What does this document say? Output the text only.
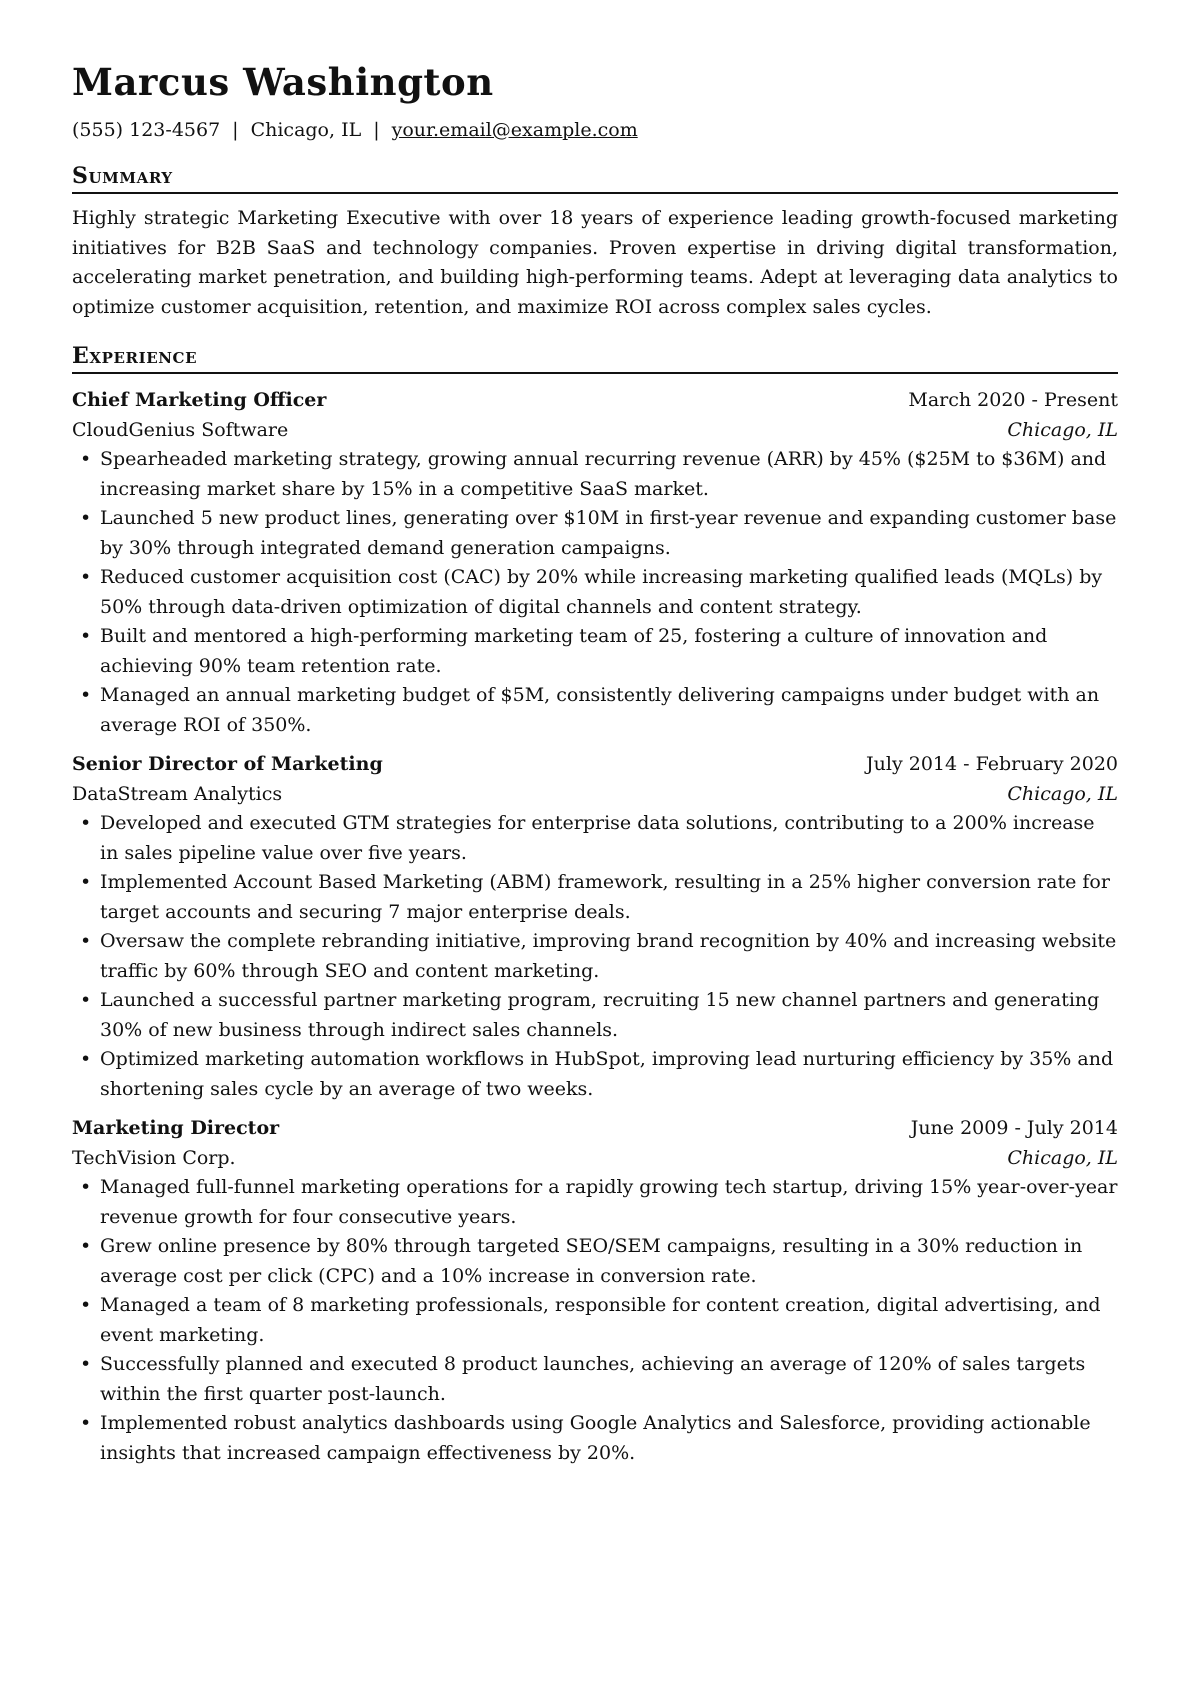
Marcus Washington
(555) 123-4567 | Chicago, IL | your.email@example.com
Summary

Highly strategic Marketing Executive with over 18 years of experience leading growth-focused marketing initiatives for B2B SaaS and technology companies. Proven expertise in driving digital transformation, accelerating market penetration, and building high-performing teams. Adept at leveraging data analytics to optimize customer acquisition, retention, and maximize ROI across complex sales cycles.

Experience
Chief Marketing Officer	March 2020 - Present
CloudGenius Software	Chicago, IL
• Spearheaded marketing strategy, growing annual recurring revenue (ARR) by 45% ($25M to $36M) and increasing market share by 15% in a competitive SaaS market.
• Launched 5 new product lines, generating over $10M in first-year revenue and expanding customer base by 30% through integrated demand generation campaigns.
• Reduced customer acquisition cost (CAC) by 20% while increasing marketing qualified leads (MQLs) by 50% through data-driven optimization of digital channels and content strategy.
• Built and mentored a high-performing marketing team of 25, fostering a culture of innovation and achieving 90% team retention rate.
• Managed an annual marketing budget of $5M, consistently delivering campaigns under budget with an average ROI of 350%.
Senior Director of Marketing	July 2014 - February 2020
DataStream Analytics	Chicago, IL
• Developed and executed GTM strategies for enterprise data solutions, contributing to a 200% increase in sales pipeline value over five years.
• Implemented Account Based Marketing (ABM) framework, resulting in a 25% higher conversion rate for target accounts and securing 7 major enterprise deals.
• Oversaw the complete rebranding initiative, improving brand recognition by 40% and increasing website traffic by 60% through SEO and content marketing.
• Launched a successful partner marketing program, recruiting 15 new channel partners and generating 30% of new business through indirect sales channels.
• Optimized marketing automation workflows in HubSpot, improving lead nurturing efficiency by 35% and shortening sales cycle by an average of two weeks.
Marketing Director	June 2009 - July 2014
TechVision Corp.	Chicago, IL
• Managed full-funnel marketing operations for a rapidly growing tech startup, driving 15% year-over-year revenue growth for four consecutive years.
• Grew online presence by 80% through targeted SEO/SEM campaigns, resulting in a 30% reduction in average cost per click (CPC) and a 10% increase in conversion rate.
• Managed a team of 8 marketing professionals, responsible for content creation, digital advertising, and event marketing.
• Successfully planned and executed 8 product launches, achieving an average of 120% of sales targets within the first quarter post-launch.
• Implemented robust analytics dashboards using Google Analytics and Salesforce, providing actionable insights that increased campaign effectiveness by 20%.
